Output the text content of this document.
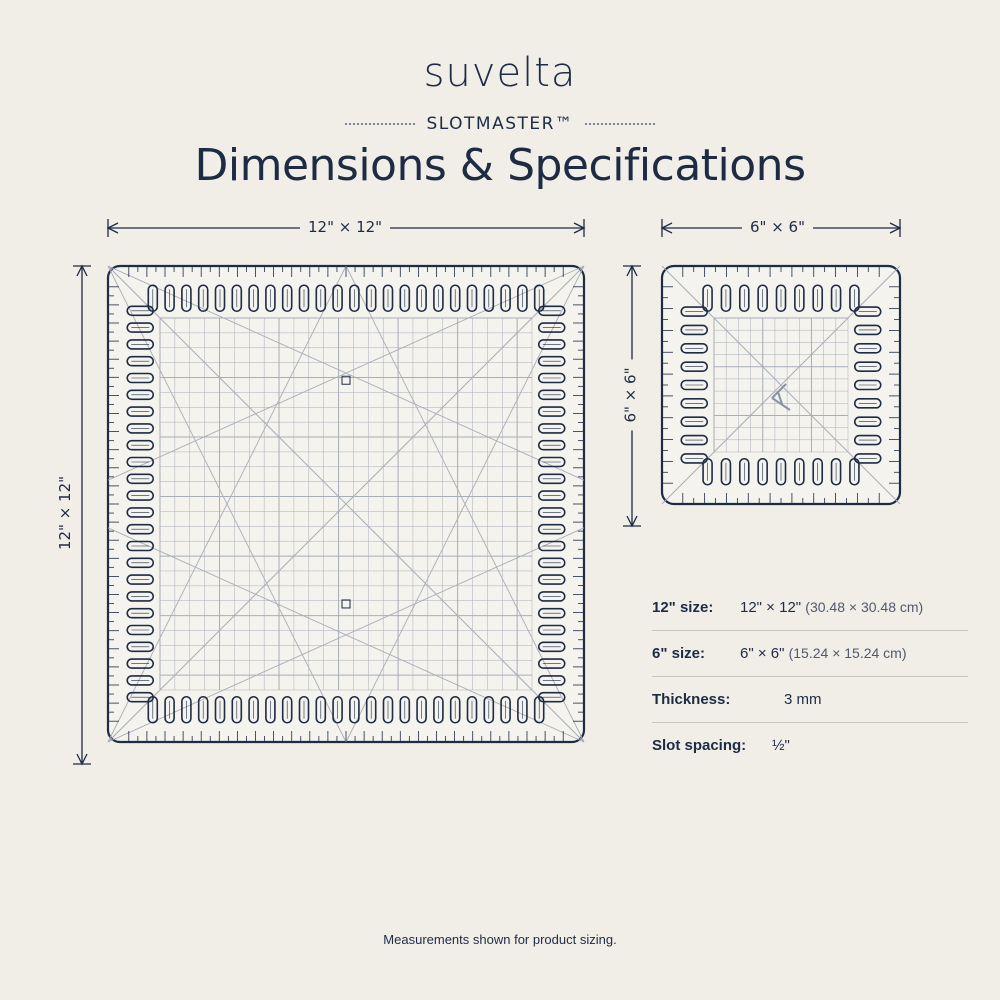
suvelta
SLOTMASTER™
Dimensions & Specifications
12" × 12"
12" × 12"
6" × 6"
6" × 6"
12" size:	12" × 12" (30.48 × 30.48 cm)
6" size:	6" × 6" (15.24 × 15.24 cm)
Thickness:	3 mm
Slot spacing:	½"
Measurements shown for product sizing.
